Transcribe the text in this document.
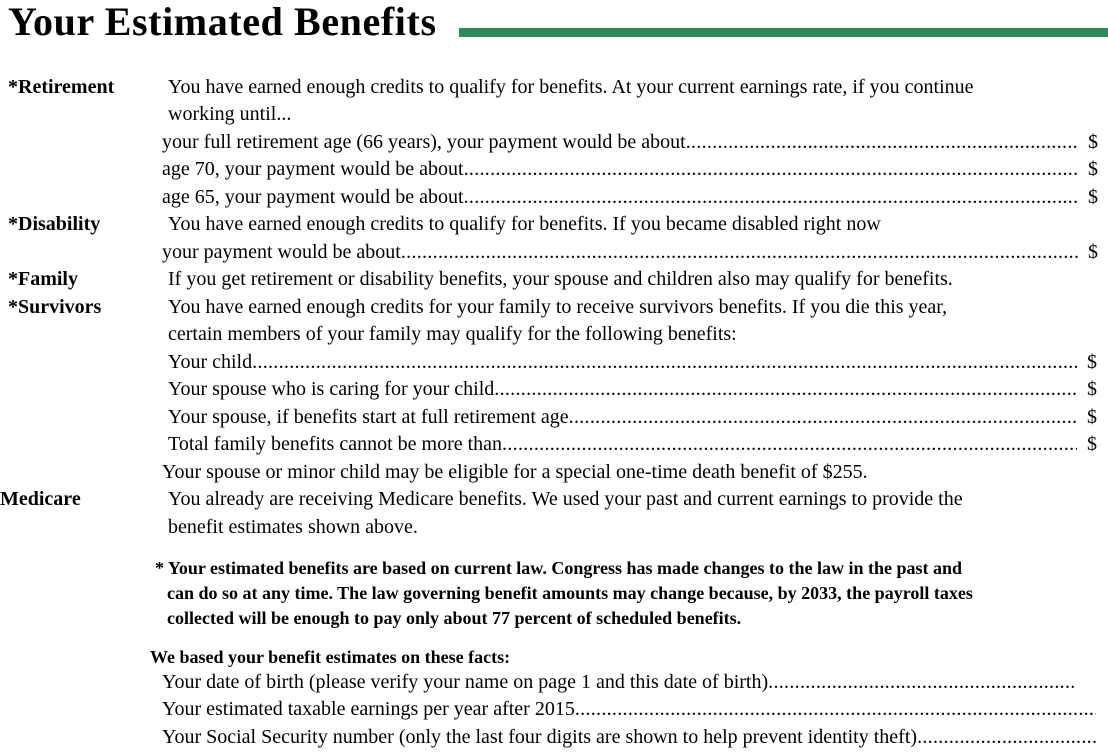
Your Estimated Benefits
*Retirement	You have earned enough credits to qualify for benefits. At your current earnings rate, if you continue
working until...
your full retirement age (66 years), your payment would be about .....	$
age 70, your payment would be about .....	$
age 65, your payment would be about .....	$
*Disability	You have earned enough credits to qualify for benefits. If you became disabled right now
your payment would be about .....	$
*Family	If you get retirement or disability benefits, your spouse and children also may qualify for benefits.
*Survivors	You have earned enough credits for your family to receive survivors benefits. If you die this year,
certain members of your family may qualify for the following benefits:
Your child .....	$
Your spouse who is caring for your child .....	$
Your spouse, if benefits start at full retirement age .....	$
Total family benefits cannot be more than .....	$
Your spouse or minor child may be eligible for a special one-time death benefit of $255.
Medicare	You already are receiving Medicare benefits. We used your past and current earnings to provide the
benefit estimates shown above.
* Your estimated benefits are based on current law. Congress has made changes to the law in the past and
can do so at any time. The law governing benefit amounts may change because, by 2033, the payroll taxes
collected will be enough to pay only about 77 percent of scheduled benefits.
We based your benefit estimates on these facts:
Your date of birth (please verify your name on page 1 and this date of birth)
.....
Your estimated taxable earnings per year after 2015
.....
Your Social Security number (only the last four digits are shown to help prevent identity theft)
.....
